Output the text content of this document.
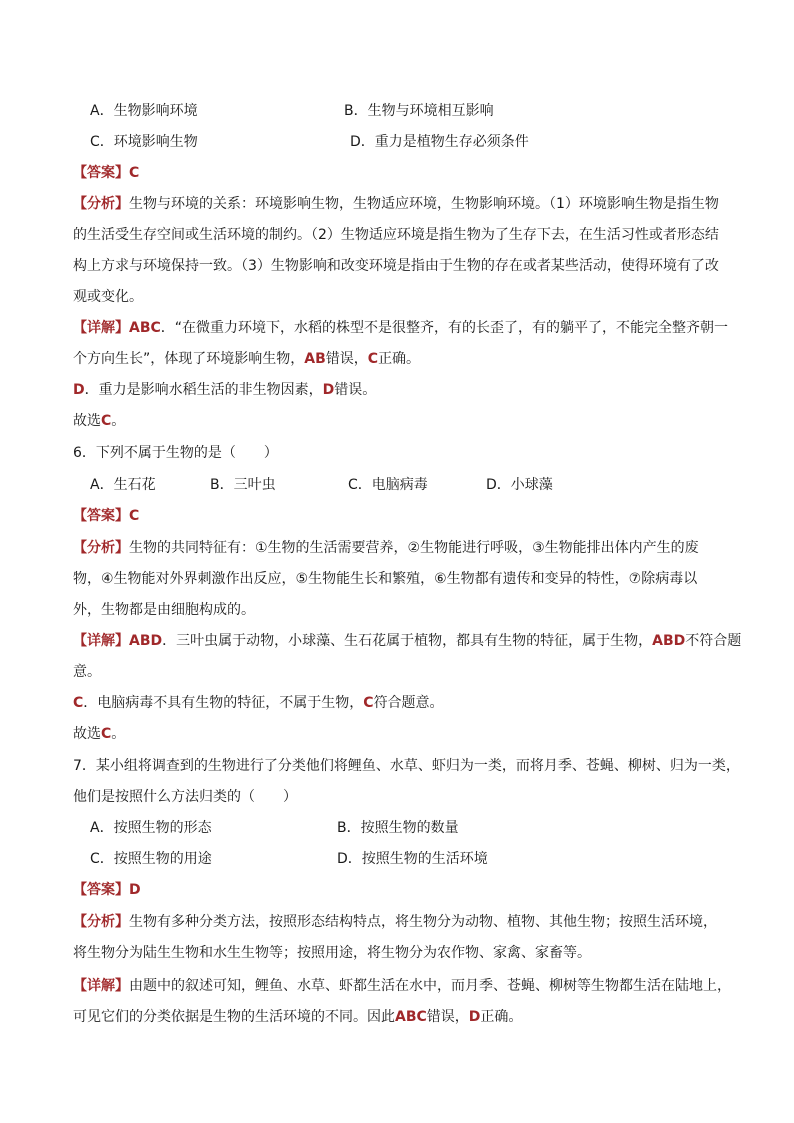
A．生物影响环境	B．生物与环境相互影响
C．环境影响生物	D．重力是植物生存必须条件
【答案】C
【分析】生物与环境的关系：环境影响生物，生物适应环境，生物影响环境。（1）环境影响生物是指生物
的生活受生存空间或生活环境的制约。（2）生物适应环境是指生物为了生存下去，在生活习性或者形态结
构上方求与环境保持一致。（3）生物影响和改变环境是指由于生物的存在或者某些活动，使得环境有了改
观或变化。
【详解】ABC．“在微重力环境下，水稻的株型不是很整齐，有的长歪了，有的躺平了，不能完全整齐朝一
个方向生长”，体现了环境影响生物，AB错误，C正确。
D．重力是影响水稻生活的非生物因素，D错误。
故选C。
6．下列不属于生物的是（　　）
A．生石花	B．三叶虫	C．电脑病毒	D．小球藻
【答案】C
【分析】生物的共同特征有：①生物的生活需要营养，②生物能进行呼吸，③生物能排出体内产生的废
物，④生物能对外界刺激作出反应，⑤生物能生长和繁殖，⑥生物都有遗传和变异的特性，⑦除病毒以
外，生物都是由细胞构成的。
【详解】ABD．三叶虫属于动物，小球藻、生石花属于植物，都具有生物的特征，属于生物，ABD不符合题
意。
C．电脑病毒不具有生物的特征，不属于生物，C符合题意。
故选C。
7．某小组将调查到的生物进行了分类他们将鲤鱼、水草、虾归为一类，而将月季、苍蝇、柳树、归为一类，
他们是按照什么方法归类的（　　）
A．按照生物的形态	B．按照生物的数量
C．按照生物的用途	D．按照生物的生活环境
【答案】D
【分析】生物有多种分类方法，按照形态结构特点，将生物分为动物、植物、其他生物；按照生活环境，
将生物分为陆生生物和水生生物等；按照用途，将生物分为农作物、家禽、家畜等。
【详解】由题中的叙述可知，鲤鱼、水草、虾都生活在水中，而月季、苍蝇、柳树等生物都生活在陆地上，
可见它们的分类依据是生物的生活环境的不同。因此ABC错误，D正确。
